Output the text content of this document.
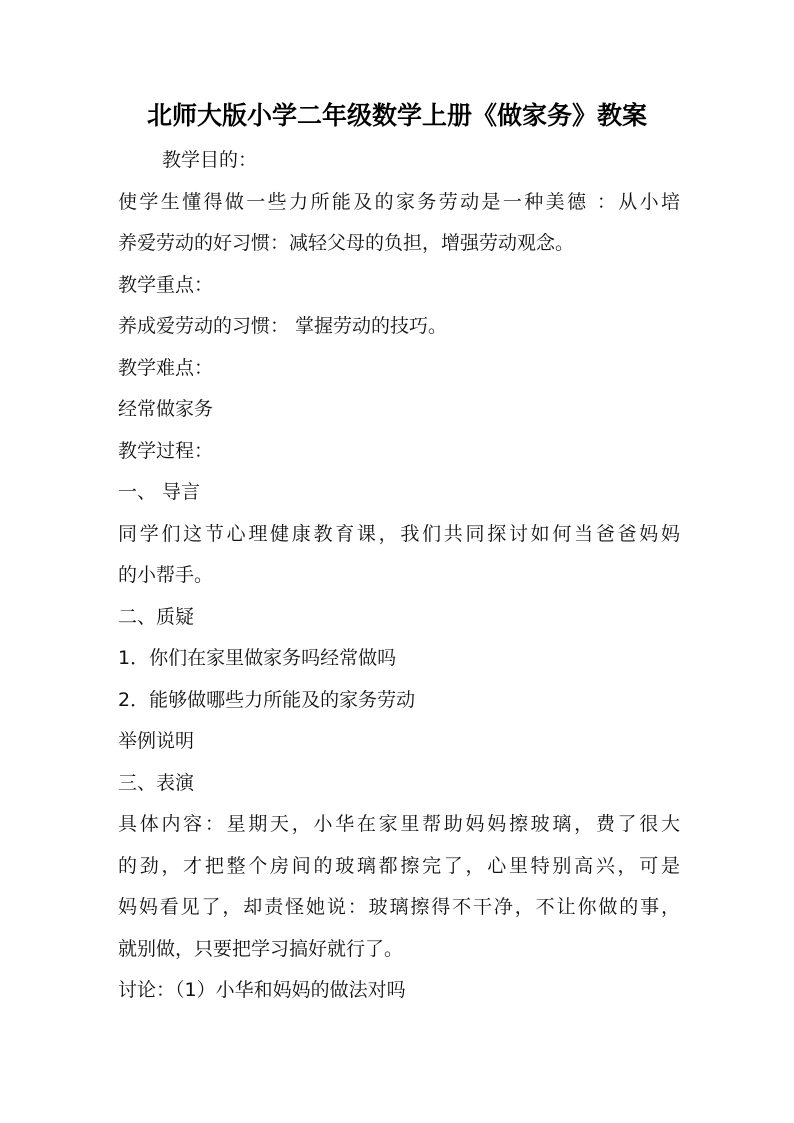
北师大版小学二年级数学上册《做家务》教案
教学目的：
使学生懂得做一些力所能及的家务劳动是一种美德 ：从小培
养爱劳动的好习惯：减轻父母的负担，增强劳动观念。
教学重点：
养成爱劳动的习惯： 掌握劳动的技巧。
教学难点：
经常做家务
教学过程：
一、 导言
同学们这节心理健康教育课，我们共同探讨如何当爸爸妈妈
的小帮手。
二、质疑
1．你们在家里做家务吗经常做吗
2．能够做哪些力所能及的家务劳动
举例说明
三、表演
具体内容：星期天，小华在家里帮助妈妈擦玻璃，费了很大
的劲，才把整个房间的玻璃都擦完了，心里特别高兴，可是
妈妈看见了，却责怪她说：玻璃擦得不干净，不让你做的事，
就别做，只要把学习搞好就行了。
讨论：（1）小华和妈妈的做法对吗
